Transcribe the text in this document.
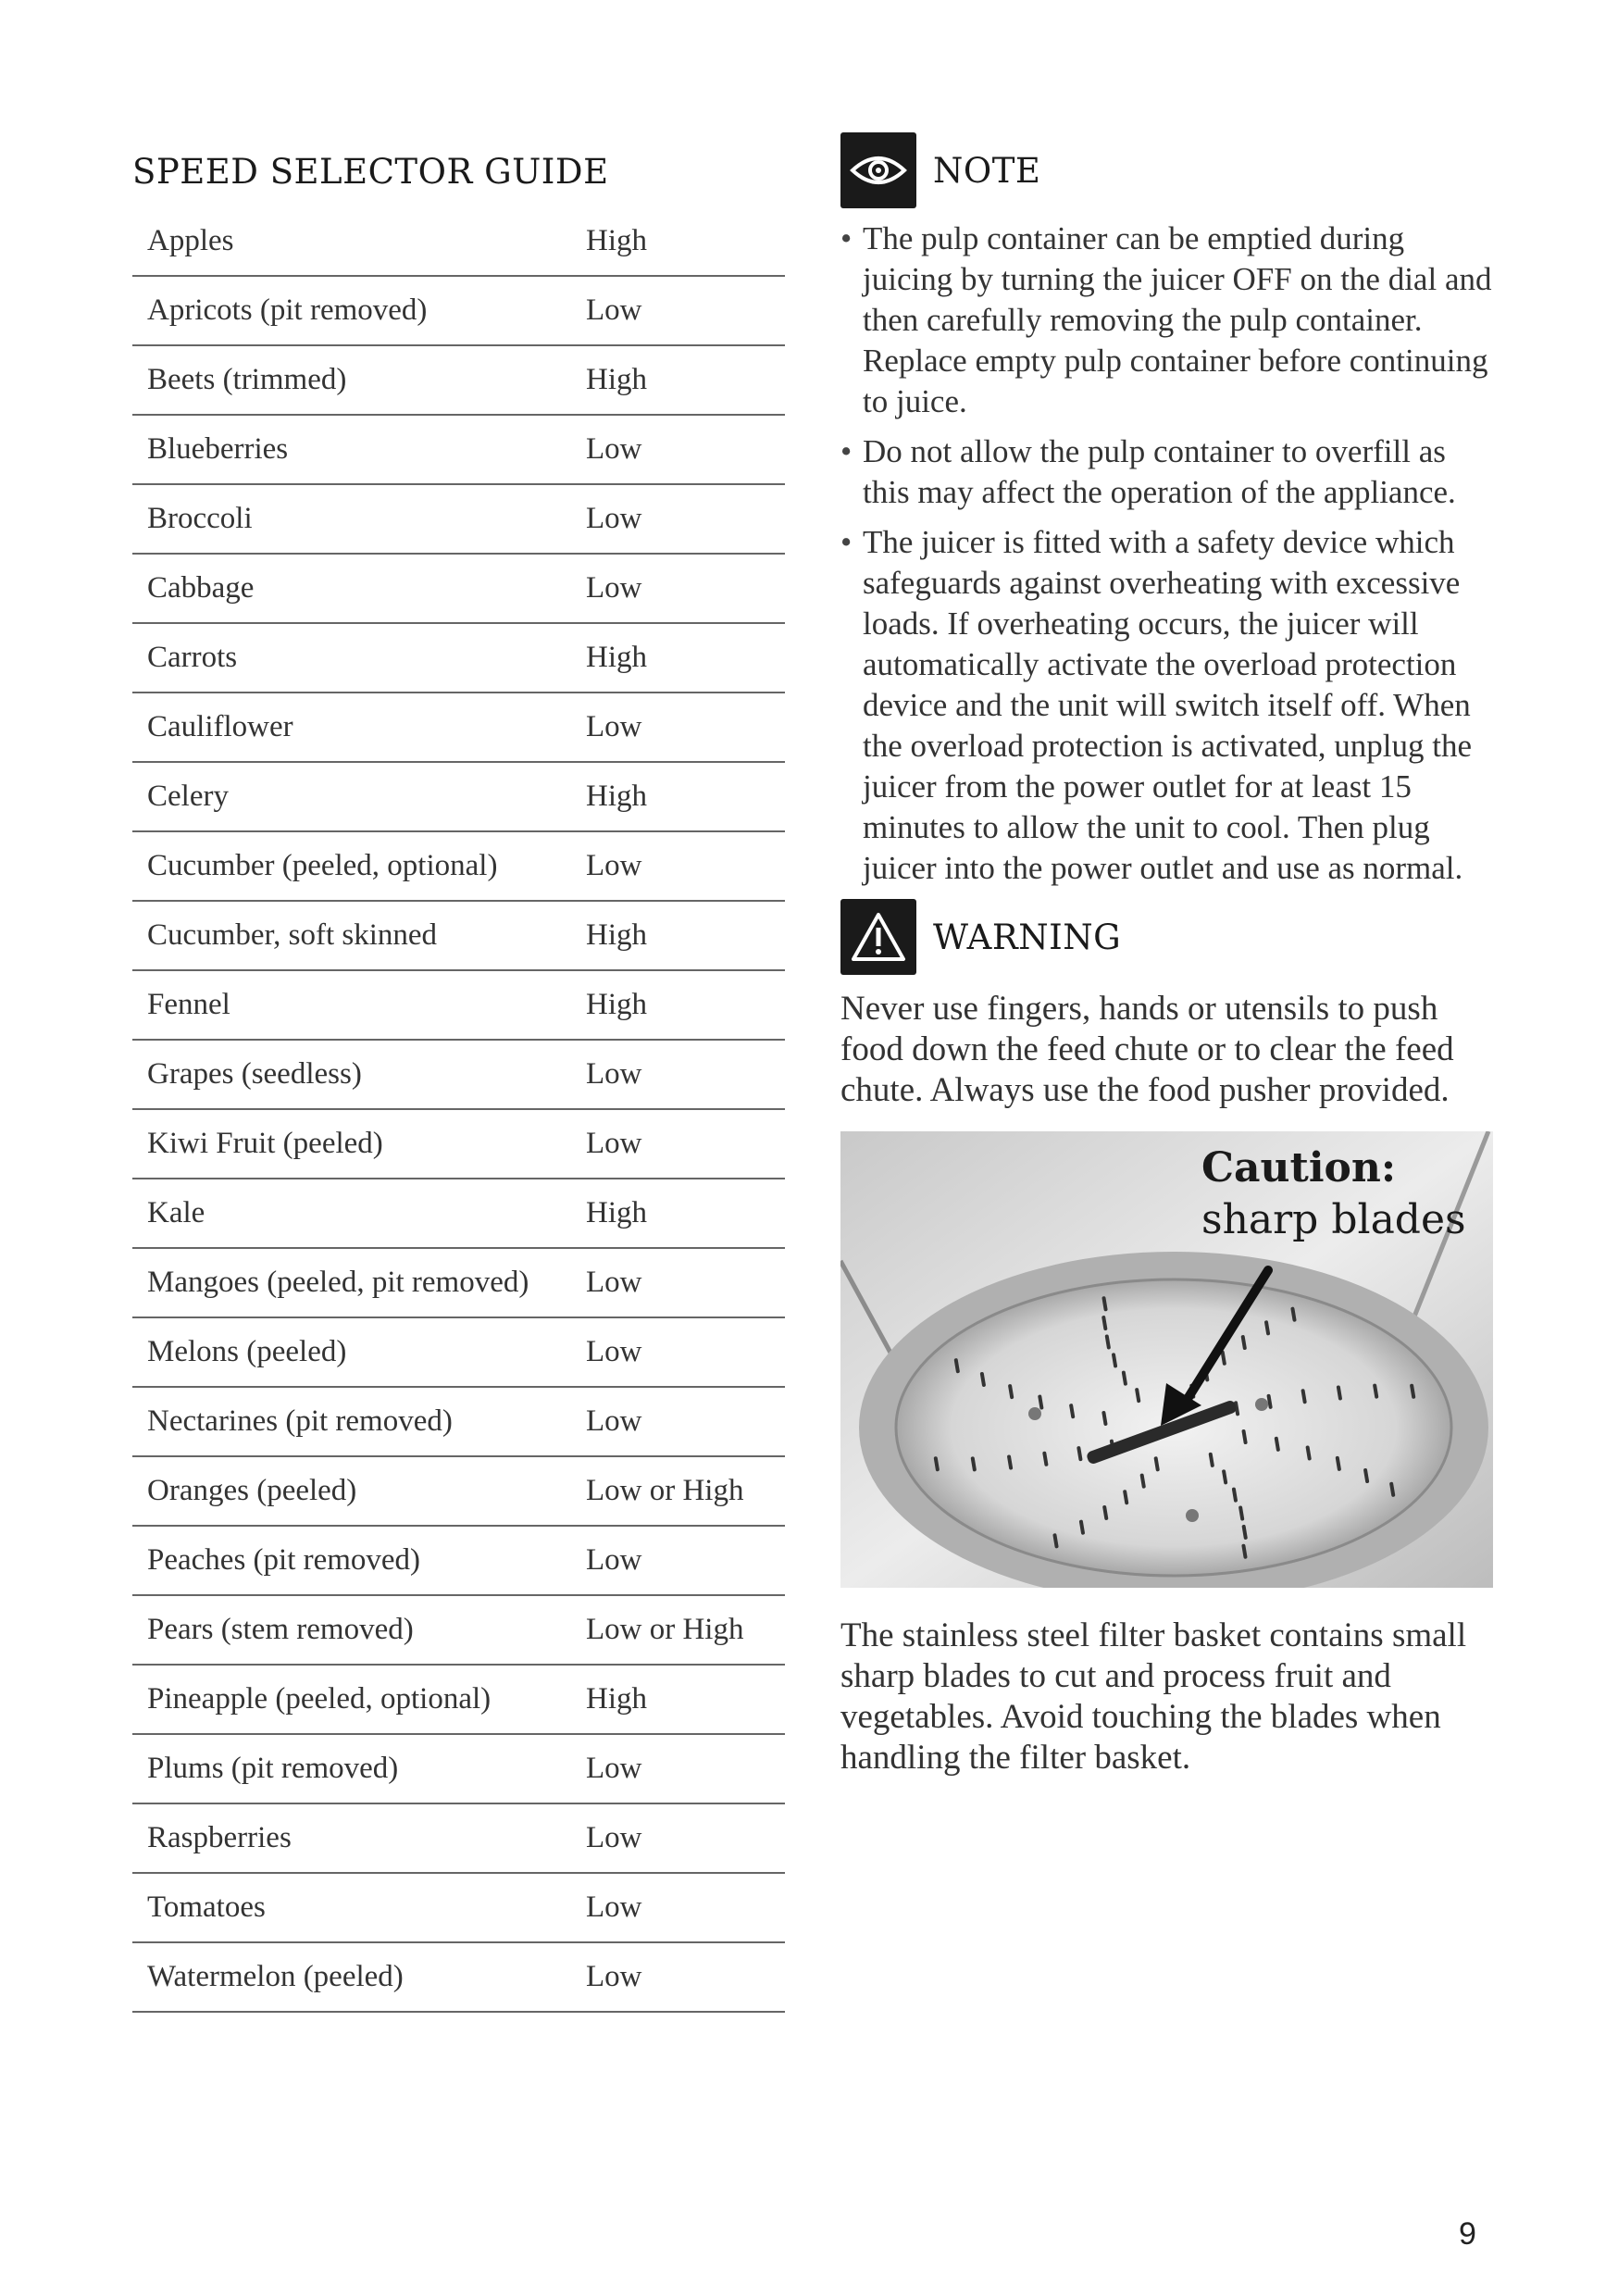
SPEED SELECTOR GUIDE
Apples	High
Apricots (pit removed)	Low
Beets (trimmed)	High
Blueberries	Low
Broccoli	Low
Cabbage	Low
Carrots	High
Cauliflower	Low
Celery	High
Cucumber (peeled, optional)	Low
Cucumber, soft skinned	High
Fennel	High
Grapes (seedless)	Low
Kiwi Fruit (peeled)	Low
Kale	High
Mangoes (peeled, pit removed)	Low
Melons (peeled)	Low
Nectarines (pit removed)	Low
Oranges (peeled)	Low or High
Peaches (pit removed)	Low
Pears (stem removed)	Low or High
Pineapple (peeled, optional)	High
Plums (pit removed)	Low
Raspberries	Low
Tomatoes	Low
Watermelon (peeled)	Low
NOTE
• The pulp container can be emptied during juicing by turning the juicer OFF on the dial and then carefully removing the pulp container. Replace empty pulp container before continuing to juice.
• Do not allow the pulp container to overfill as this may affect the operation of the appliance.
• The juicer is fitted with a safety device which safeguards against overheating with excessive loads. If overheating occurs, the juicer will automatically activate the overload protection device and the unit will switch itself off. When the overload protection is activated, unplug the juicer from the power outlet for at least 15 minutes to allow the unit to cool. Then plug juicer into the power outlet and use as normal.
WARNING

Never use fingers, hands or utensils to push food down the feed chute or to clear the feed chute. Always use the food pusher provided.

Caution:
sharp blades

The stainless steel filter basket contains small sharp blades to cut and process fruit and vegetables. Avoid touching the blades when handling the filter basket.

9
